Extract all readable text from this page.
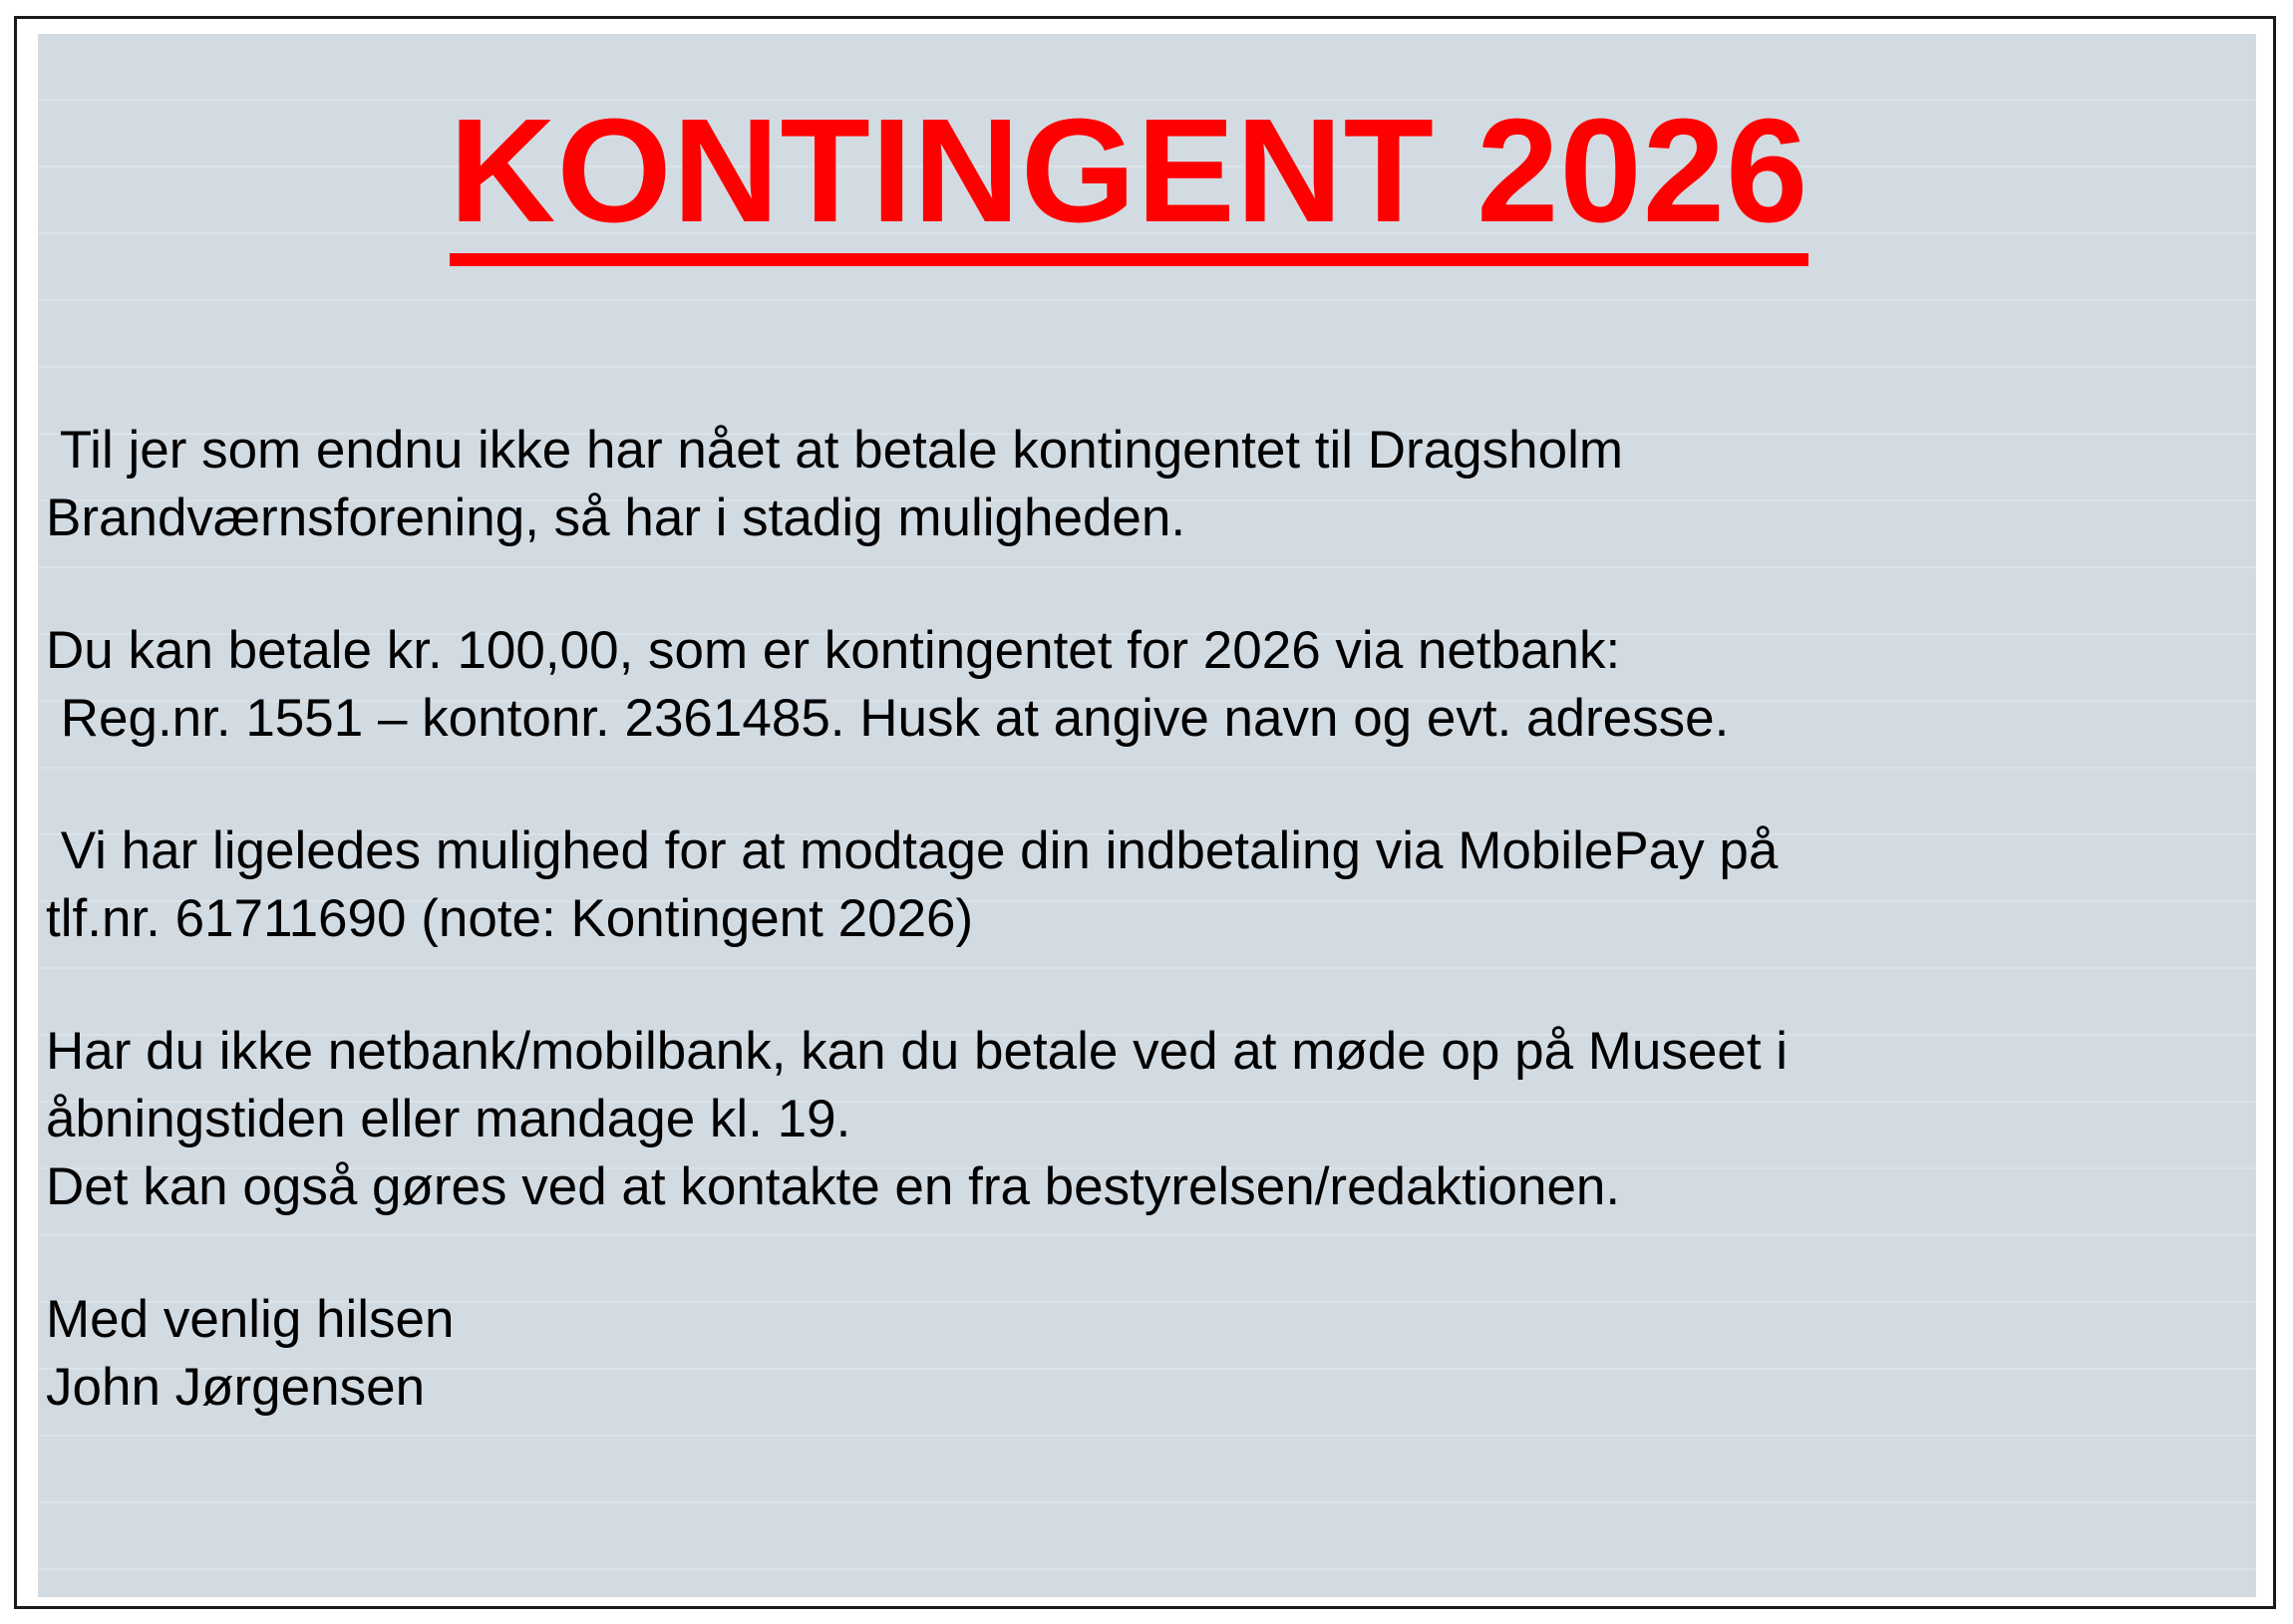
KONTINGENT 2026
Til jer som endnu ikke har nået at betale kontingentet til Dragsholm
Brandværnsforening, så har i stadig muligheden.
Du kan betale kr. 100,00, som er kontingentet for 2026 via netbank:
Reg.nr. 1551 – kontonr. 2361485. Husk at angive navn og evt. adresse.
Vi har ligeledes mulighed for at modtage din indbetaling via MobilePay på
tlf.nr. 61711690 (note: Kontingent 2026)
Har du ikke netbank/mobilbank, kan du betale ved at møde op på Museet i
åbningstiden eller mandage kl. 19.
Det kan også gøres ved at kontakte en fra bestyrelsen/redaktionen.
Med venlig hilsen
John Jørgensen
